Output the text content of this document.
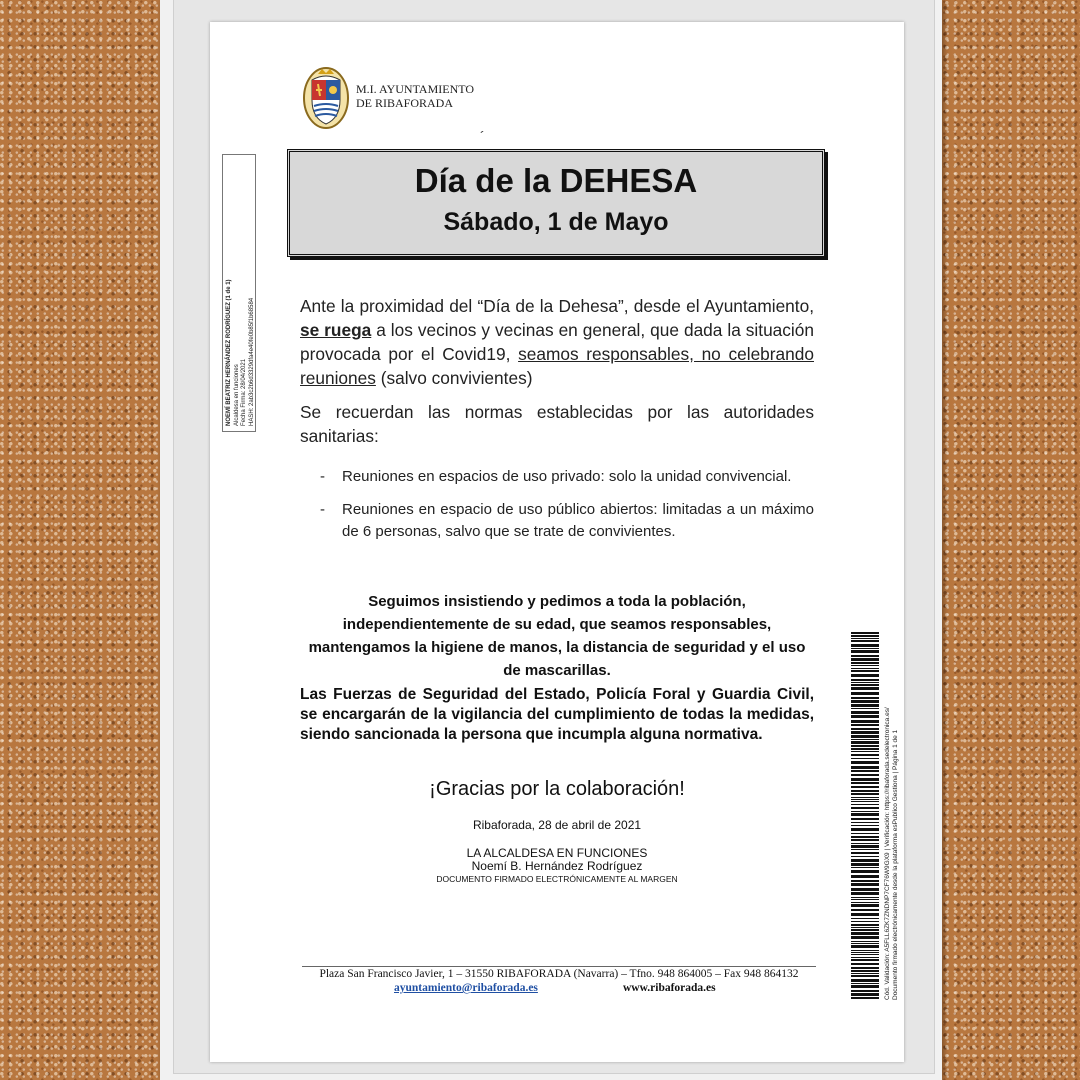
M.I. AYUNTAMIENTO
DE RIBAFORADA
´
NOEMÍ BEATRIZ HERNÁNDEZ RODRÍGUEZ (1 de 1) Alcaldesa en funciones Fecha Firma: 28/04/2021 HASH: 2ab3c2b6d3329dfa4e40fe0b85f1b68584
Día de la DEHESA
Sábado, 1 de Mayo

Ante la proximidad del “Día de la Dehesa”, desde el Ayuntamiento, se ruega a los vecinos y vecinas en general, que dada la situación provocada por el Covid19, seamos responsables, no celebrando reuniones (salvo convivientes)

Se recuerdan las normas establecidas por las autoridades sanitarias:

-	Reuniones en espacios de uso privado: solo la unidad convivencial.
-	Reuniones en espacio de uso público abiertos: limitadas a un máximo de 6 personas, salvo que se trate de convivientes.
Seguimos insistiendo y pedimos a toda la población, independientemente de su edad, que seamos responsables, mantengamos la higiene de manos, la distancia de seguridad y el uso de mascarillas.
Las Fuerzas de Seguridad del Estado, Policía Foral y Guardia Civil, se encargarán de la vigilancia del cumplimiento de todas la medidas, siendo sancionada la persona que incumpla alguna normativa.
¡Gracias por la colaboración!
Ribaforada, 28 de abril de 2021
LA ALCALDESA EN FUNCIONES
Noemí B. Hernández Rodríguez
DOCUMENTO FIRMADO ELECTRÓNICAMENTE AL MARGEN
Plaza San Francisco Javier, 1 – 31550 RIBAFORADA (Navarra) – Tfno. 948 864005 – Fax 948 864132
ayuntamiento@ribaforada.es	www.ribaforada.es	Cód. Validación: A5FLL6ZK7ZNDNP7CF76W9GX9 | Verificación: https://ribaforada.sedelectronica.es/ Documento firmado electrónicamente desde la plataforma esPublico Gestiona | Página 1 de 1
